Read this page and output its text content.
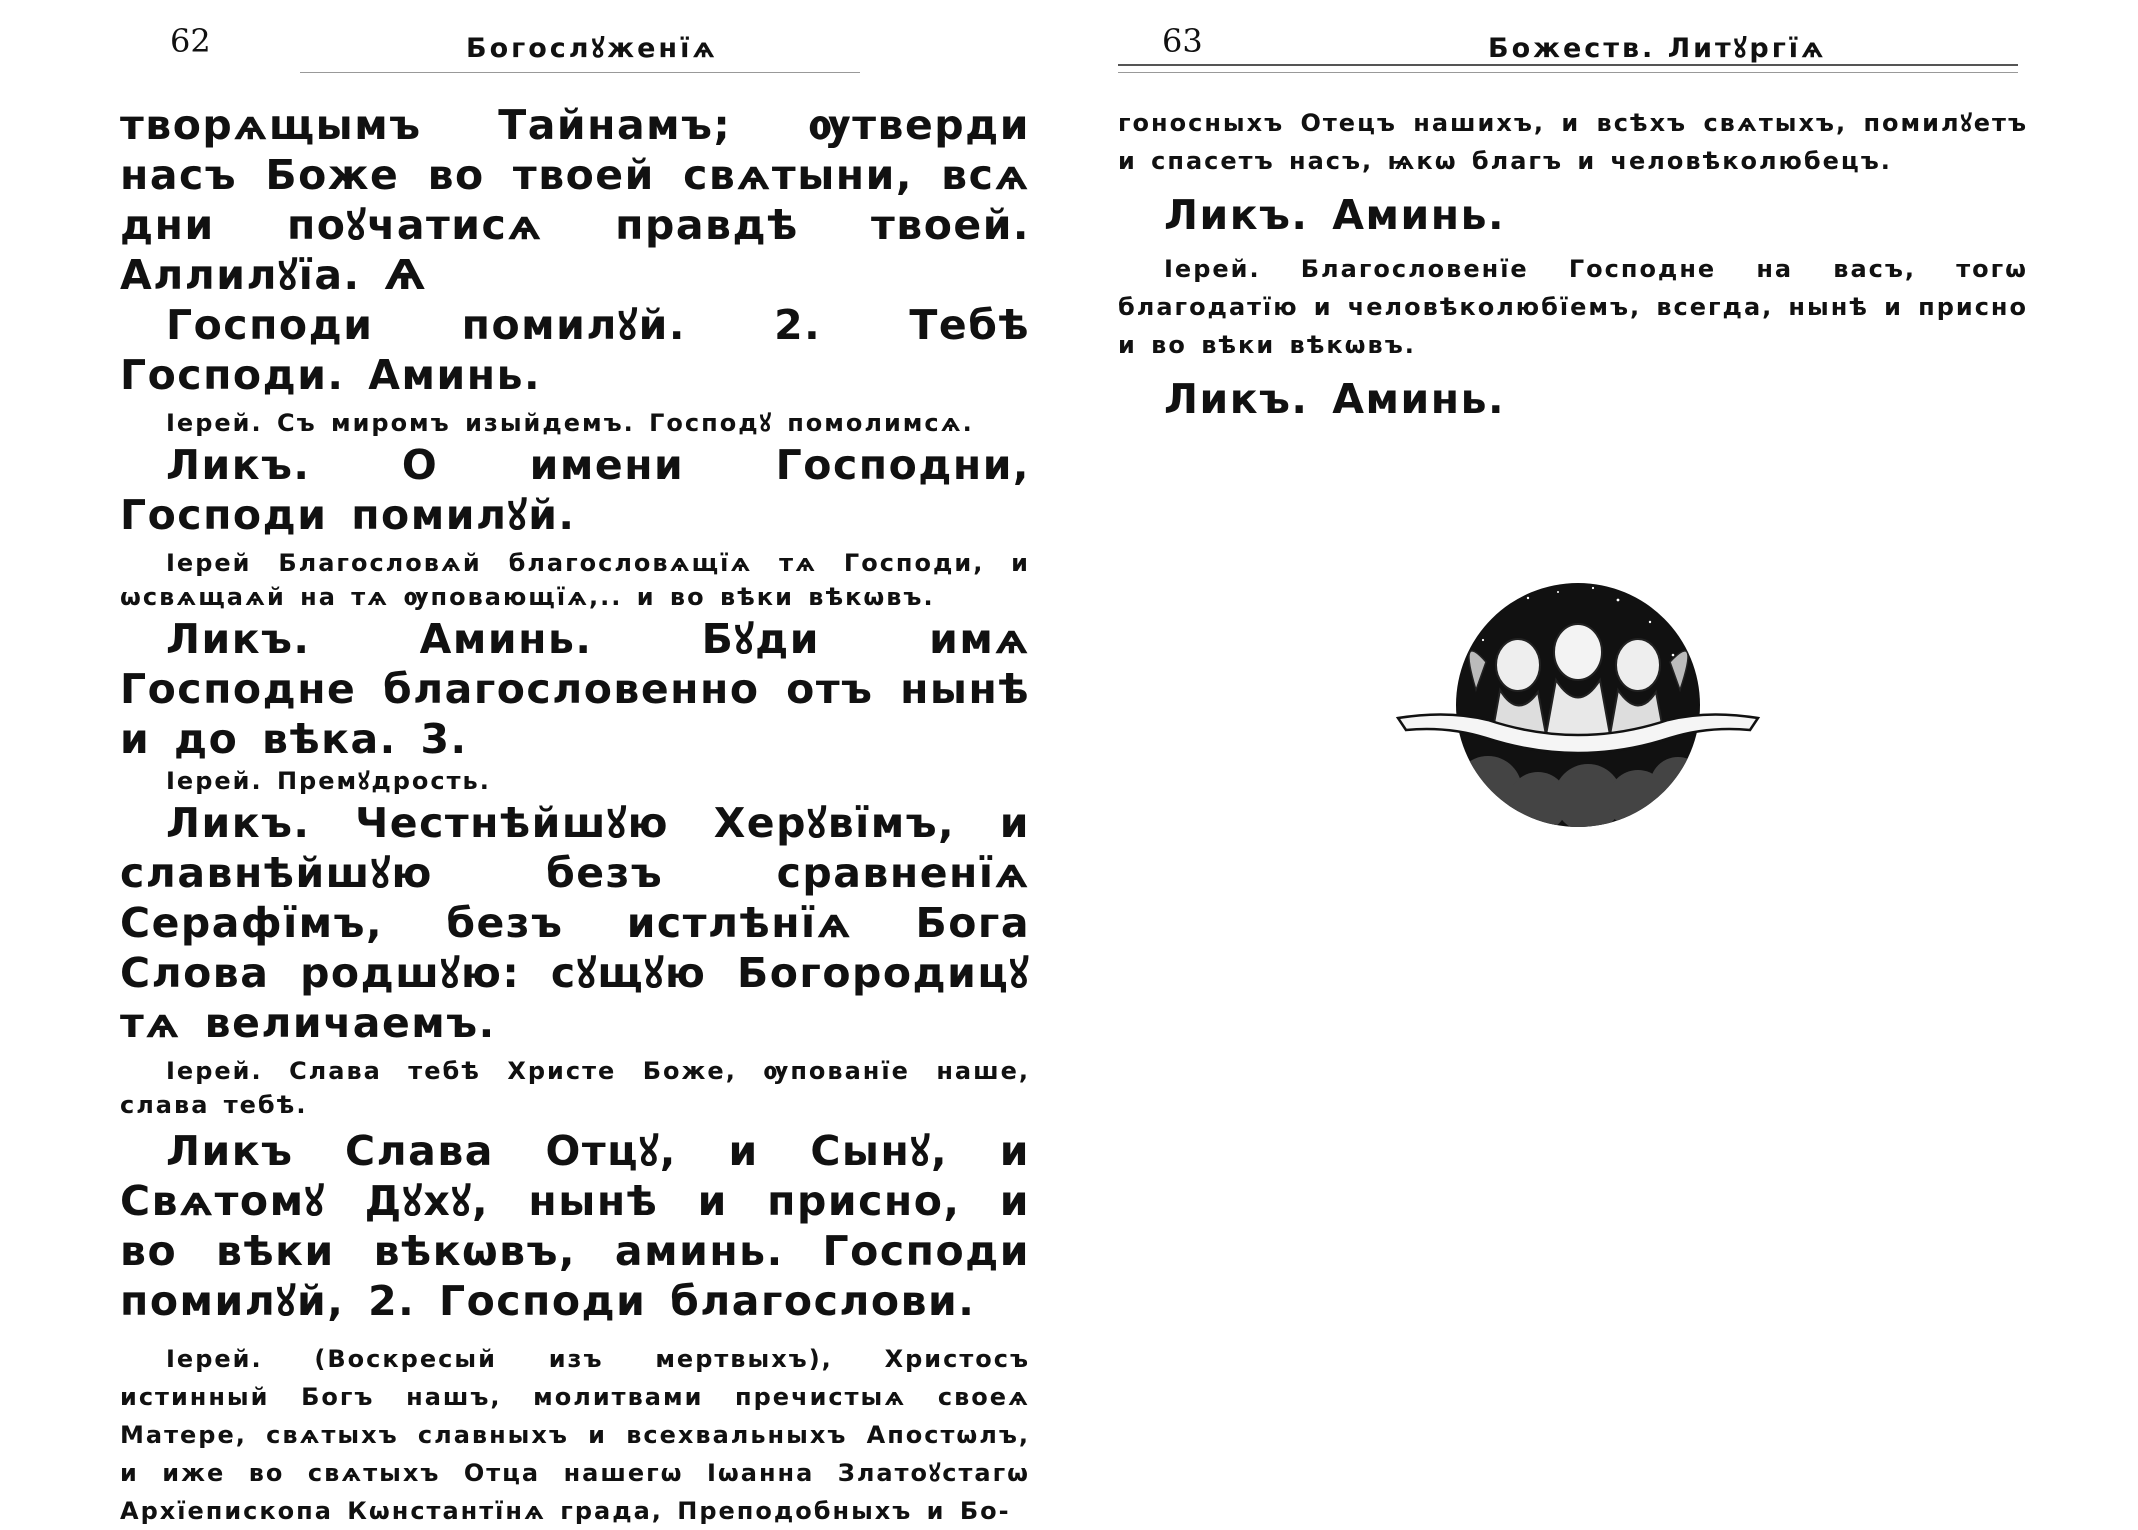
62	Богослꙋженїѧ

творѧщымъ Тайнамъ; ѹтверди насъ Боже во твоей свѧтыни, всѧ дни поꙋчатисѧ правдѣ твоей. Аллилꙋїа. Ѧ

Господи помилꙋй. 2. Тебѣ Господи. Аминь.

Іерей. Съ миромъ изыйдемъ. Господꙋ помолимсѧ.

Ликъ. О имени Господни, Господи помилꙋй.

Іерей Благословѧй благословѧщїѧ тѧ Господи, и ѡсвѧщаѧй на тѧ ѹповающїѧ,.. и во вѣки вѣкѡвъ.

Ликъ. Аминь. Бꙋди имѧ Господне благословенно отъ нынѣ и до вѣка. 3.

Іерей. Премꙋдрость.

Ликъ. Честнѣйшꙋю Херꙋвїмъ, и славнѣйшꙋю безъ сравненїѧ Серафїмъ, безъ истлѣнїѧ Бога Слова родшꙋю: сꙋщꙋю Богородицꙋ тѧ величаемъ.

Іерей. Слава тебѣ Христе Боже, ѹпованїе наше, слава тебѣ.

Ликъ Слава Отцꙋ, и Сынꙋ, и Свѧтомꙋ Дꙋхꙋ, нынѣ и присно, и во вѣки вѣкѡвъ, аминь. Господи помилꙋй, 2. Господи благослови.

Іерей. (Воскресый изъ мертвыхъ), Христосъ истинный Богъ нашъ, молитвами пречистыѧ своеѧ Матере, свѧтыхъ славныхъ и всехвальныхъ Апостѡлъ, и иже во свѧтыхъ Отца нашегѡ Іѡанна Златоꙋстагѡ Архїепископа Кѡнстантїнѧ града, Преподобныхъ и Бо-

63	Божеств. Литꙋргїѧ

гоносныхъ Отецъ нашихъ, и всѣхъ свѧтыхъ, помилꙋетъ и спасетъ насъ, ѩкѡ благъ и человѣколюбецъ.

Ликъ. Аминь.

Іерей. Благословенїе Господне на васъ, тогѡ благодатїю и человѣколюбїемъ, всегда, нынѣ и присно и во вѣки вѣкѡвъ.

Ликъ. Аминь.
